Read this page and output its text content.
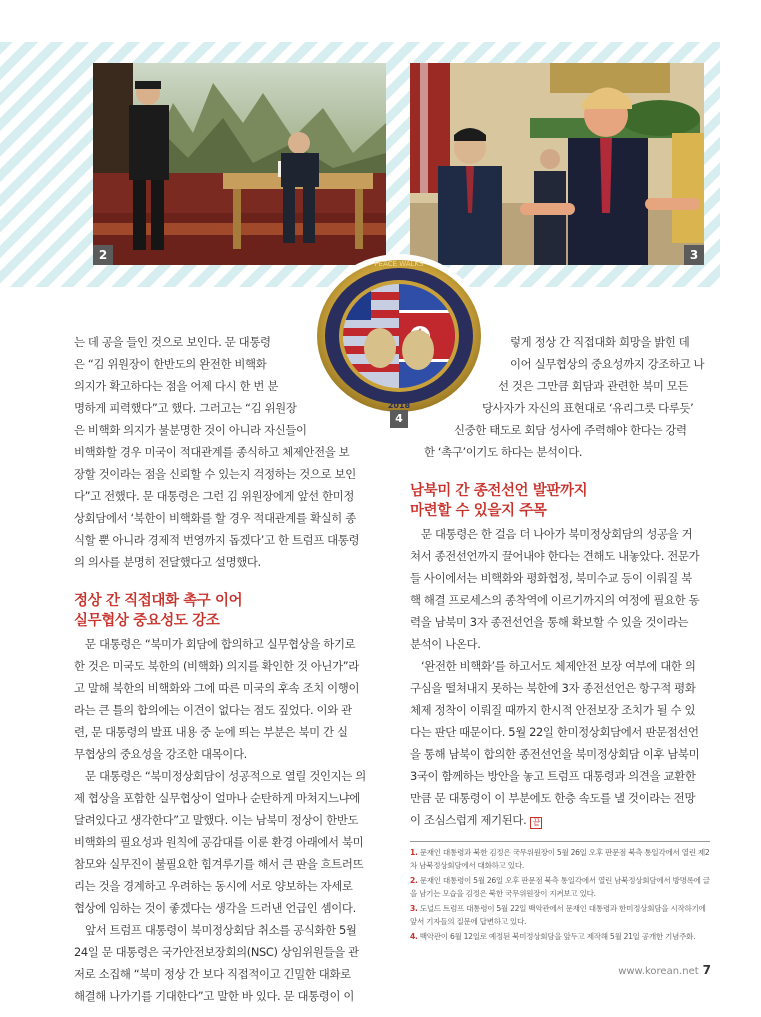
2	3
PEACE WALKS
2018
4

는 데 공을 들인 것으로 보인다. 문 대통령
은 “김 위원장이 한반도의 완전한 비핵화
의지가 확고하다는 점을 어제 다시 한 번 분
명하게 피력했다”고 했다. 그러고는 “김 위원장
은 비핵화 의지가 불분명한 것이 아니라 자신들이
비핵화할 경우 미국이 적대관계를 종식하고 체제안전을 보
장할 것이라는 점을 신뢰할 수 있는지 걱정하는 것으로 보인
다”고 전했다. 문 대통령은 그런 김 위원장에게 앞선 한미정
상회담에서 ‘북한이 비핵화를 할 경우 적대관계를 확실히 종
식할 뿐 아니라 경제적 번영까지 돕겠다’고 한 트럼프 대통령
의 의사를 분명히 전달했다고 설명했다.

정상 간 직접대화 촉구 이어
실무협상 중요성도 강조

　문 대통령은 “북미가 회담에 합의하고 실무협상을 하기로
한 것은 미국도 북한의 (비핵화) 의지를 확인한 것 아닌가”라
고 말해 북한의 비핵화와 그에 따른 미국의 후속 조치 이행이
라는 큰 틀의 합의에는 이견이 없다는 점도 짚었다. 이와 관
련, 문 대통령의 발표 내용 중 눈에 띄는 부분은 북미 간 실
무협상의 중요성을 강조한 대목이다.

　문 대통령은 “북미정상회담이 성공적으로 열릴 것인지는 의
제 협상을 포함한 실무협상이 얼마나 순탄하게 마쳐지느냐에
달려있다고 생각한다”고 말했다. 이는 남북미 정상이 한반도
비핵화의 필요성과 원칙에 공감대를 이룬 환경 아래에서 북미
참모와 실무진이 불필요한 힘겨루기를 해서 큰 판을 흐트러뜨
리는 것을 경계하고 우려하는 동시에 서로 양보하는 자세로
협상에 임하는 것이 좋겠다는 생각을 드러낸 언급인 셈이다.

　앞서 트럼프 대통령이 북미정상회담 취소를 공식화한 5월
24일 문 대통령은 국가안전보장회의(NSC) 상임위원들을 관
저로 소집해 “북미 정상 간 보다 직접적이고 긴밀한 대화로
해결해 나가기를 기대한다”고 말한 바 있다. 문 대통령이 이

렇게 정상 간 직접대화 희망을 밝힌 데
이어 실무협상의 중요성까지 강조하고 나
선 것은 그만큼 회담과 관련한 북미 모든
당사자가 자신의 표현대로 ‘유리그릇 다루듯’
신중한 태도로 회담 성사에 주력해야 한다는 강력
한 ‘촉구’이기도 하다는 분석이다.

남북미 간 종전선언 발판까지
마련할 수 있을지 주목

　문 대통령은 한 걸음 더 나아가 북미정상회담의 성공을 거
쳐서 종전선언까지 끌어내야 한다는 견해도 내놓았다. 전문가
들 사이에서는 비핵화와 평화협정, 북미수교 등이 이뤄질 북
핵 해결 프로세스의 종착역에 이르기까지의 여정에 필요한 동
력을 남북미 3자 종전선언을 통해 확보할 수 있을 것이라는
분석이 나온다.

　‘완전한 비핵화’를 하고서도 체제안전 보장 여부에 대한 의
구심을 떨쳐내지 못하는 북한에 3자 종전선언은 항구적 평화
체제 정착이 이뤄질 때까지 한시적 안전보장 조치가 될 수 있
다는 판단 때문이다. 5월 22일 한미정상회담에서 판문점선언
을 통해 남북이 합의한 종전선언을 북미정상회담 이후 남북미
3국이 함께하는 방안을 놓고 트럼프 대통령과 의견을 교환한
만큼 문 대통령이 이 부분에도 한층 속도를 낼 것이라는 전망
이 조심스럽게 제기된다. 끝

1. 문재인 대통령과 북한 김정은 국무위원장이 5월 26일 오후 판문점 북측 통일각에서 열린 제2차 남북정상회담에서 대화하고 있다.
2. 문재인 대통령이 5월 26일 오후 판문점 북측 통일각에서 열린 남북정상회담에서 방명록에 글을 남기는 모습을 김정은 북한 국무위원장이 지켜보고 있다.
3. 도널드 트럼프 대통령이 5월 22일 백악관에서 문재인 대통령과 한미정상회담을 시작하기에 앞서 기자들의 질문에 답변하고 있다.
4. 백악관이 6월 12일로 예정된 북미정상회담을 앞두고 제작해 5월 21일 공개한 기념주화.
www.korean.net 7
